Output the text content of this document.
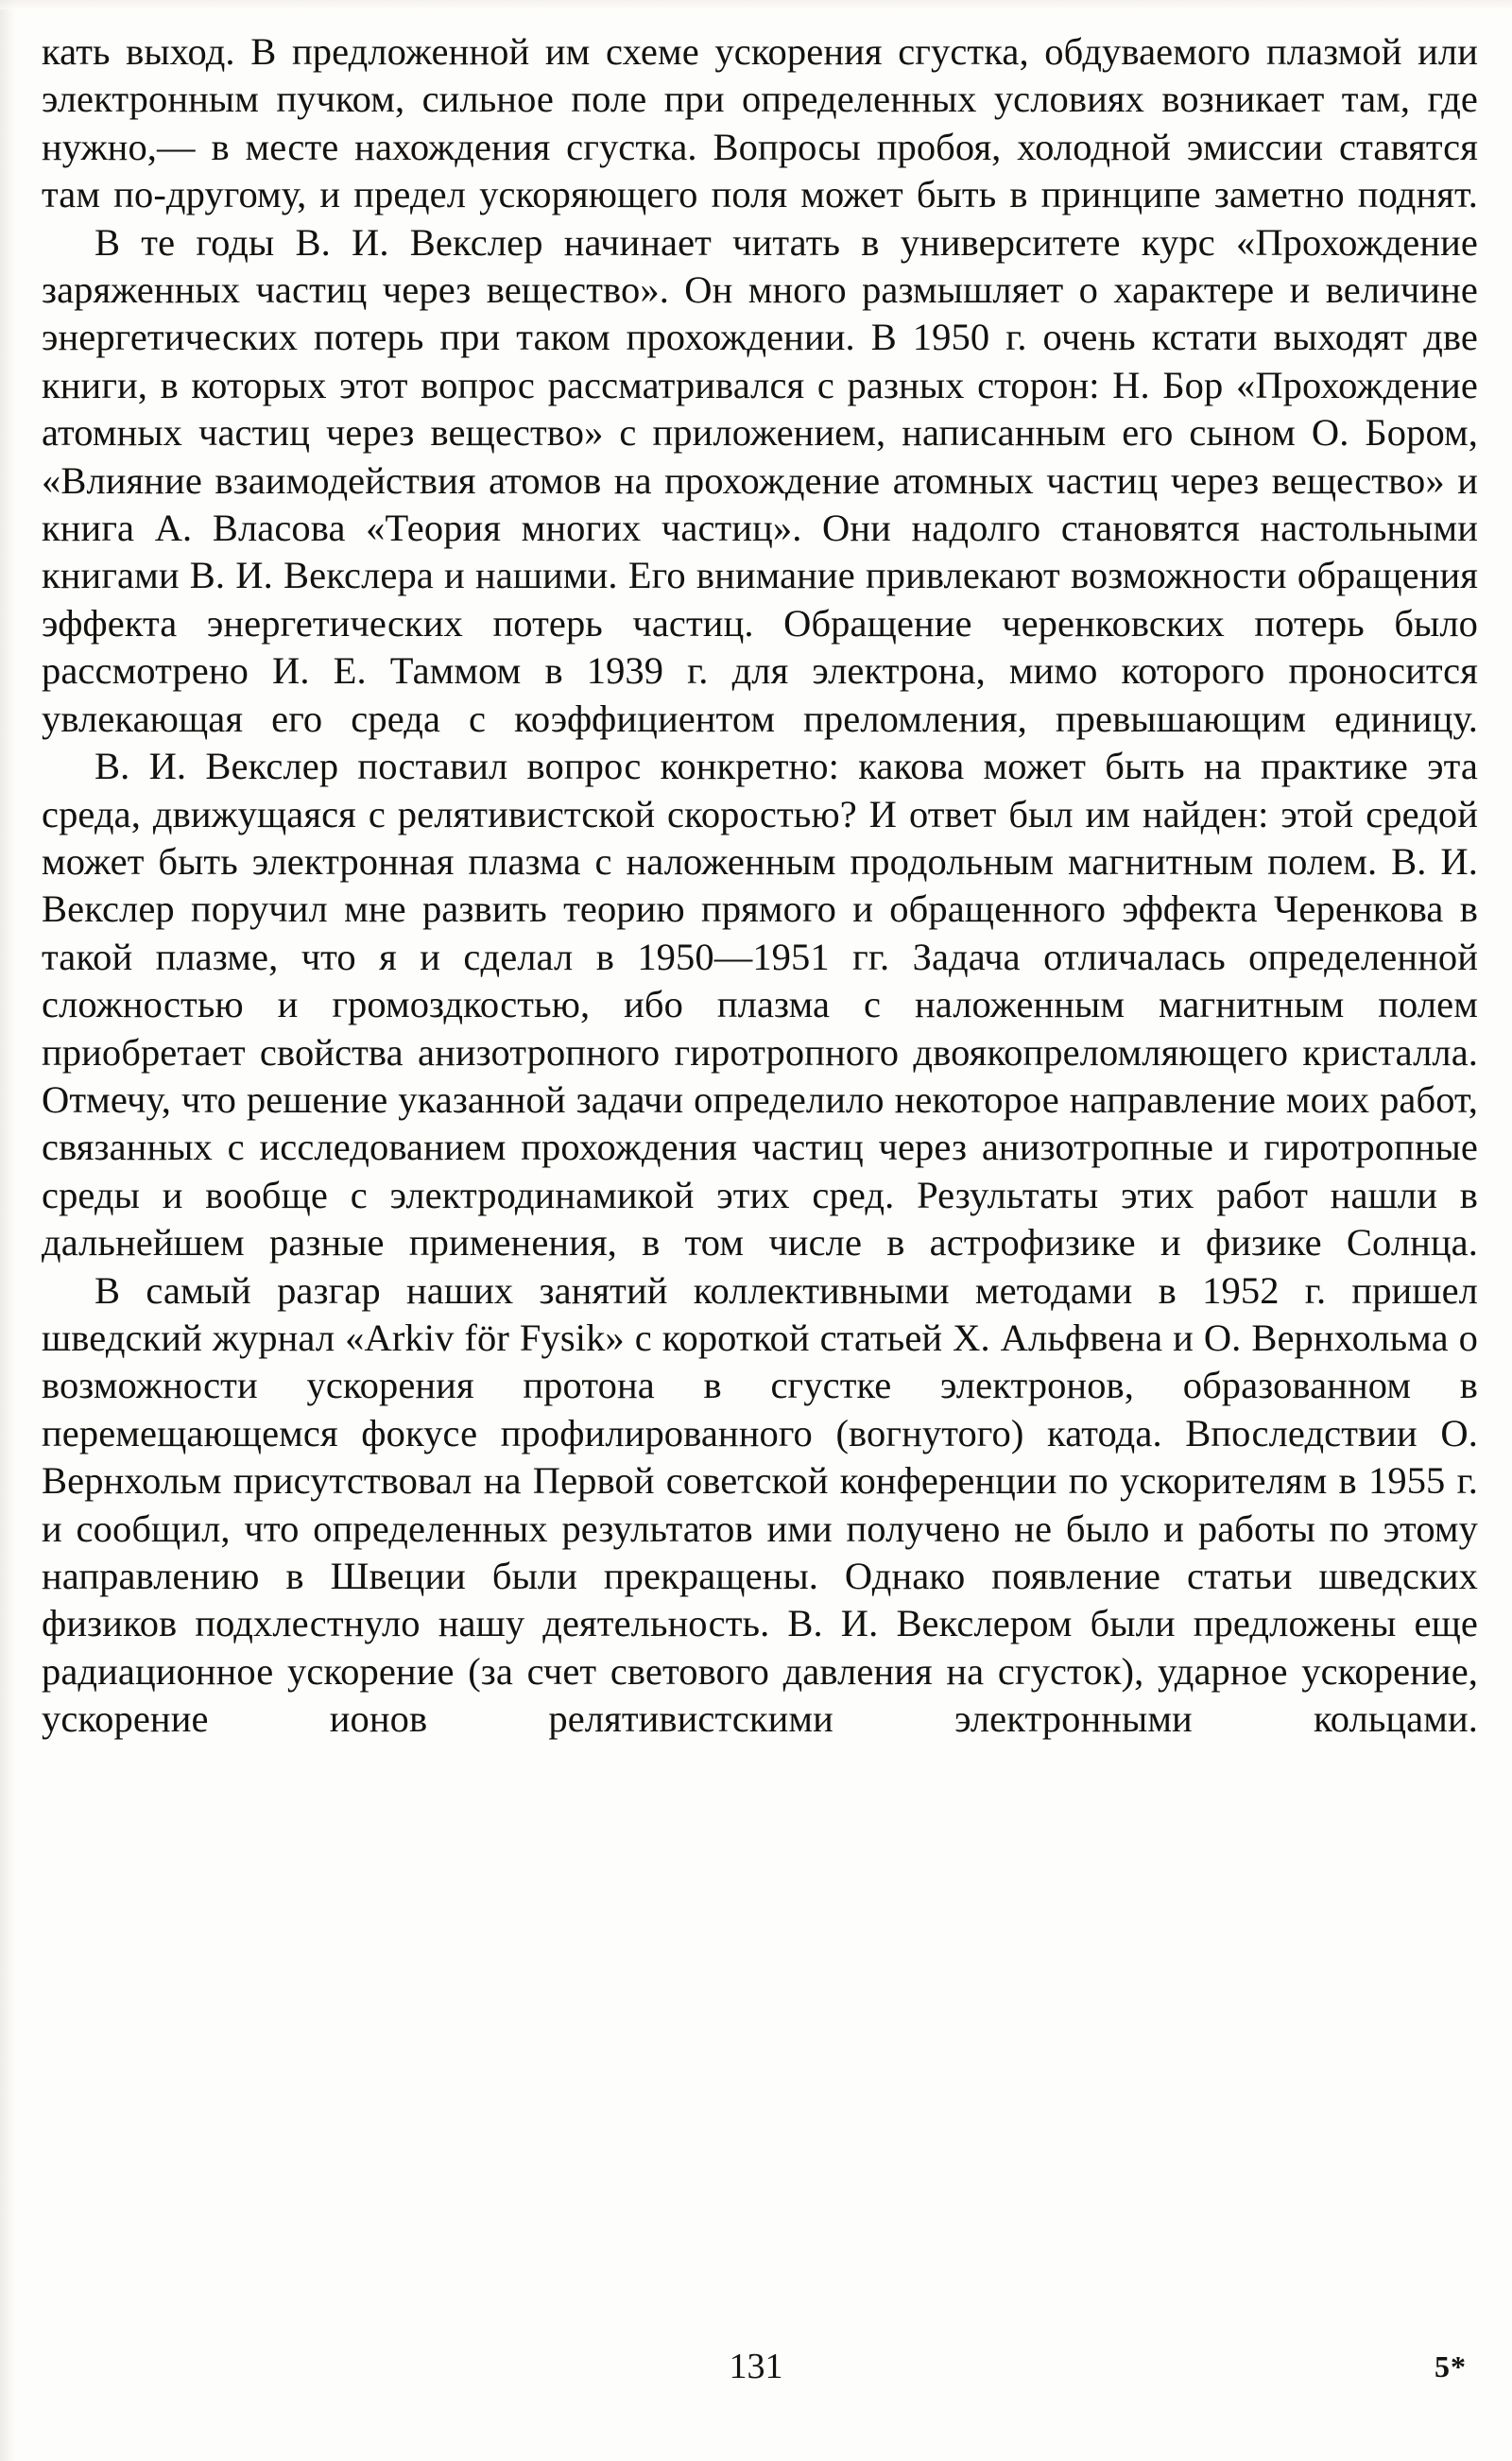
кать выход. В предложенной им схеме ускорения сгустка, обдуваемого плазмой или электронным пучком, сильное поле при определенных условиях возникает там, где нужно,— в месте нахождения сгустка. Вопросы пробоя, холодной эмиссии ставятся там по-другому, и предел ускоряющего поля может быть в принципе заметно поднят.

В те годы В. И. Векслер начинает читать в университете курс «Прохождение заряженных частиц через вещество». Он много размышляет о характере и величине энергетических потерь при таком прохождении. В 1950 г. очень кстати выходят две книги, в которых этот вопрос рассматривался с разных сторон: Н. Бор «Прохождение атомных частиц через вещество» с приложением, написанным его сыном О. Бором, «Влияние взаимодействия атомов на прохождение атомных частиц через вещество» и книга А. Власова «Теория многих частиц». Они надолго становятся настольными книгами В. И. Векслера и нашими. Его внимание привлекают возможности обращения эффекта энергетических потерь частиц. Обращение черенковских потерь было рассмотрено И. Е. Таммом в 1939 г. для электрона, мимо которого проносится увлекающая его среда с коэффициентом преломления, превышающим единицу.

В. И. Векслер поставил вопрос конкретно: какова может быть на практике эта среда, движущаяся с релятивистской скоростью? И ответ был им найден: этой средой может быть электронная плазма с наложенным продольным магнитным полем. В. И. Векслер поручил мне развить теорию прямого и обращенного эффекта Черенкова в такой плазме, что я и сделал в 1950—1951 гг. Задача отличалась определенной сложностью и громоздкостью, ибо плазма с наложенным магнитным полем приобретает свойства анизотропного гиротропного двоякопреломляющего кристалла. Отмечу, что решение указанной задачи определило некоторое направление моих работ, связанных с исследованием прохождения частиц через анизотропные и гиротропные среды и вообще с электродинамикой этих сред. Результаты этих работ нашли в дальнейшем разные применения, в том числе в астрофизике и физике Солнца.

В самый разгар наших занятий коллективными методами в 1952 г. пришел шведский журнал «Arkiv för Fysik» с короткой статьей X. Альфвена и О. Вернхольма о возможности ускорения протона в сгустке электронов, образованном в перемещающемся фокусе профилированного (вогнутого) катода. Впоследствии О. Вернхольм присутствовал на Первой советской конференции по ускорителям в 1955 г. и сообщил, что определенных результатов ими получено не было и работы по этому направлению в Швеции были прекращены. Однако появление статьи шведских физиков подхлестнуло нашу деятельность. В. И. Векслером были предложены еще радиационное ускорение (за счет светового давления на сгусток), ударное ускорение, ускорение ионов релятивистскими электронными кольцами.

131	5*
